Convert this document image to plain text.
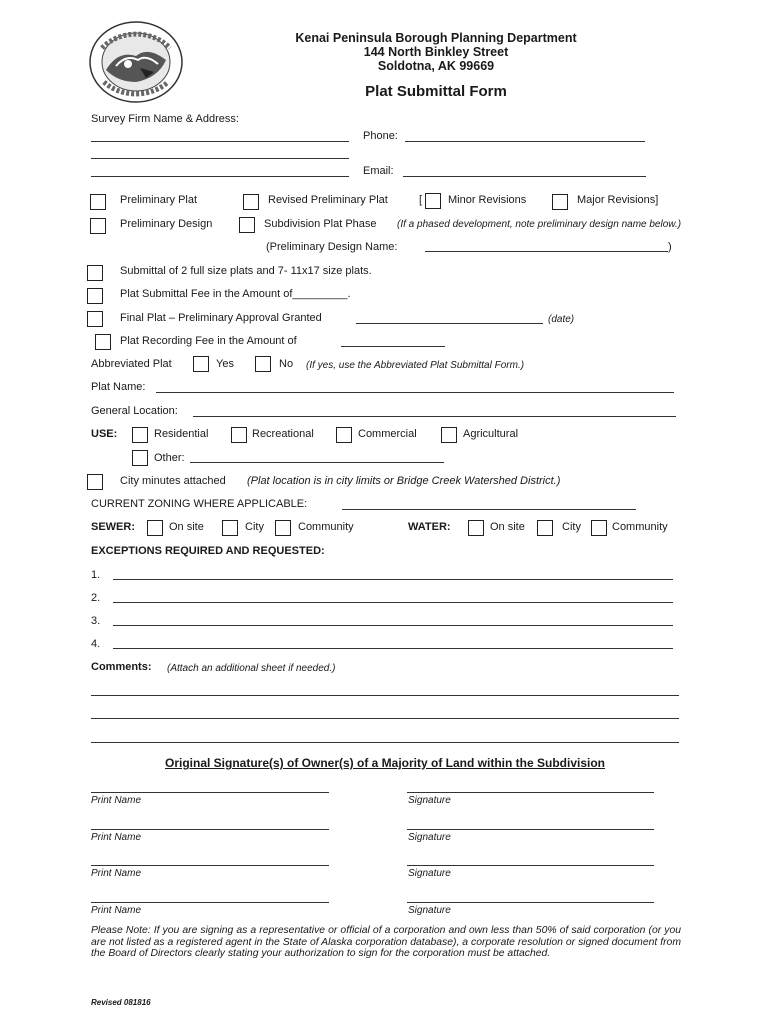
Kenai Peninsula Borough Planning Department
144 North Binkley Street
Soldotna, AK 99669
Plat Submittal Form
Survey Firm Name & Address:
Phone:
Email:
Preliminary Plat	Revised Preliminary Plat	[ Minor Revisions	Major Revisions]
Preliminary Design	Subdivision Plat Phase (If a phased development, note preliminary design name below.)
(Preliminary Design Name:	)
Submittal of 2 full size plats and 7- 11x17 size plats.
Plat Submittal Fee in the Amount of_________.
Final Plat – Preliminary Approval Granted	(date)
Plat Recording Fee in the Amount of
Abbreviated Plat	Yes	No (If yes, use the Abbreviated Plat Submittal Form.)
Plat Name:
General Location:
USE:	Residential	Recreational	Commercial	Agricultural
Other:
City minutes attached (Plat location is in city limits or Bridge Creek Watershed District.)
CURRENT ZONING WHERE APPLICABLE:
SEWER:	On site	City	Community	WATER:	On site	City	Community
EXCEPTIONS REQUIRED AND REQUESTED:
1.
2.
3.
4.
Comments: (Attach an additional sheet if needed.)
Original Signature(s) of Owner(s) of a Majority of Land within the Subdivision
Print Name	Signature
Print Name	Signature
Print Name	Signature
Print Name	Signature
Please Note: If you are signing as a representative or official of a corporation and own less than 50% of said corporation (or you are not listed as a registered agent in the State of Alaska corporation database), a corporate resolution or signed document from the Board of Directors clearly stating your authorization to sign for the corporation must be attached.
Revised 081816
